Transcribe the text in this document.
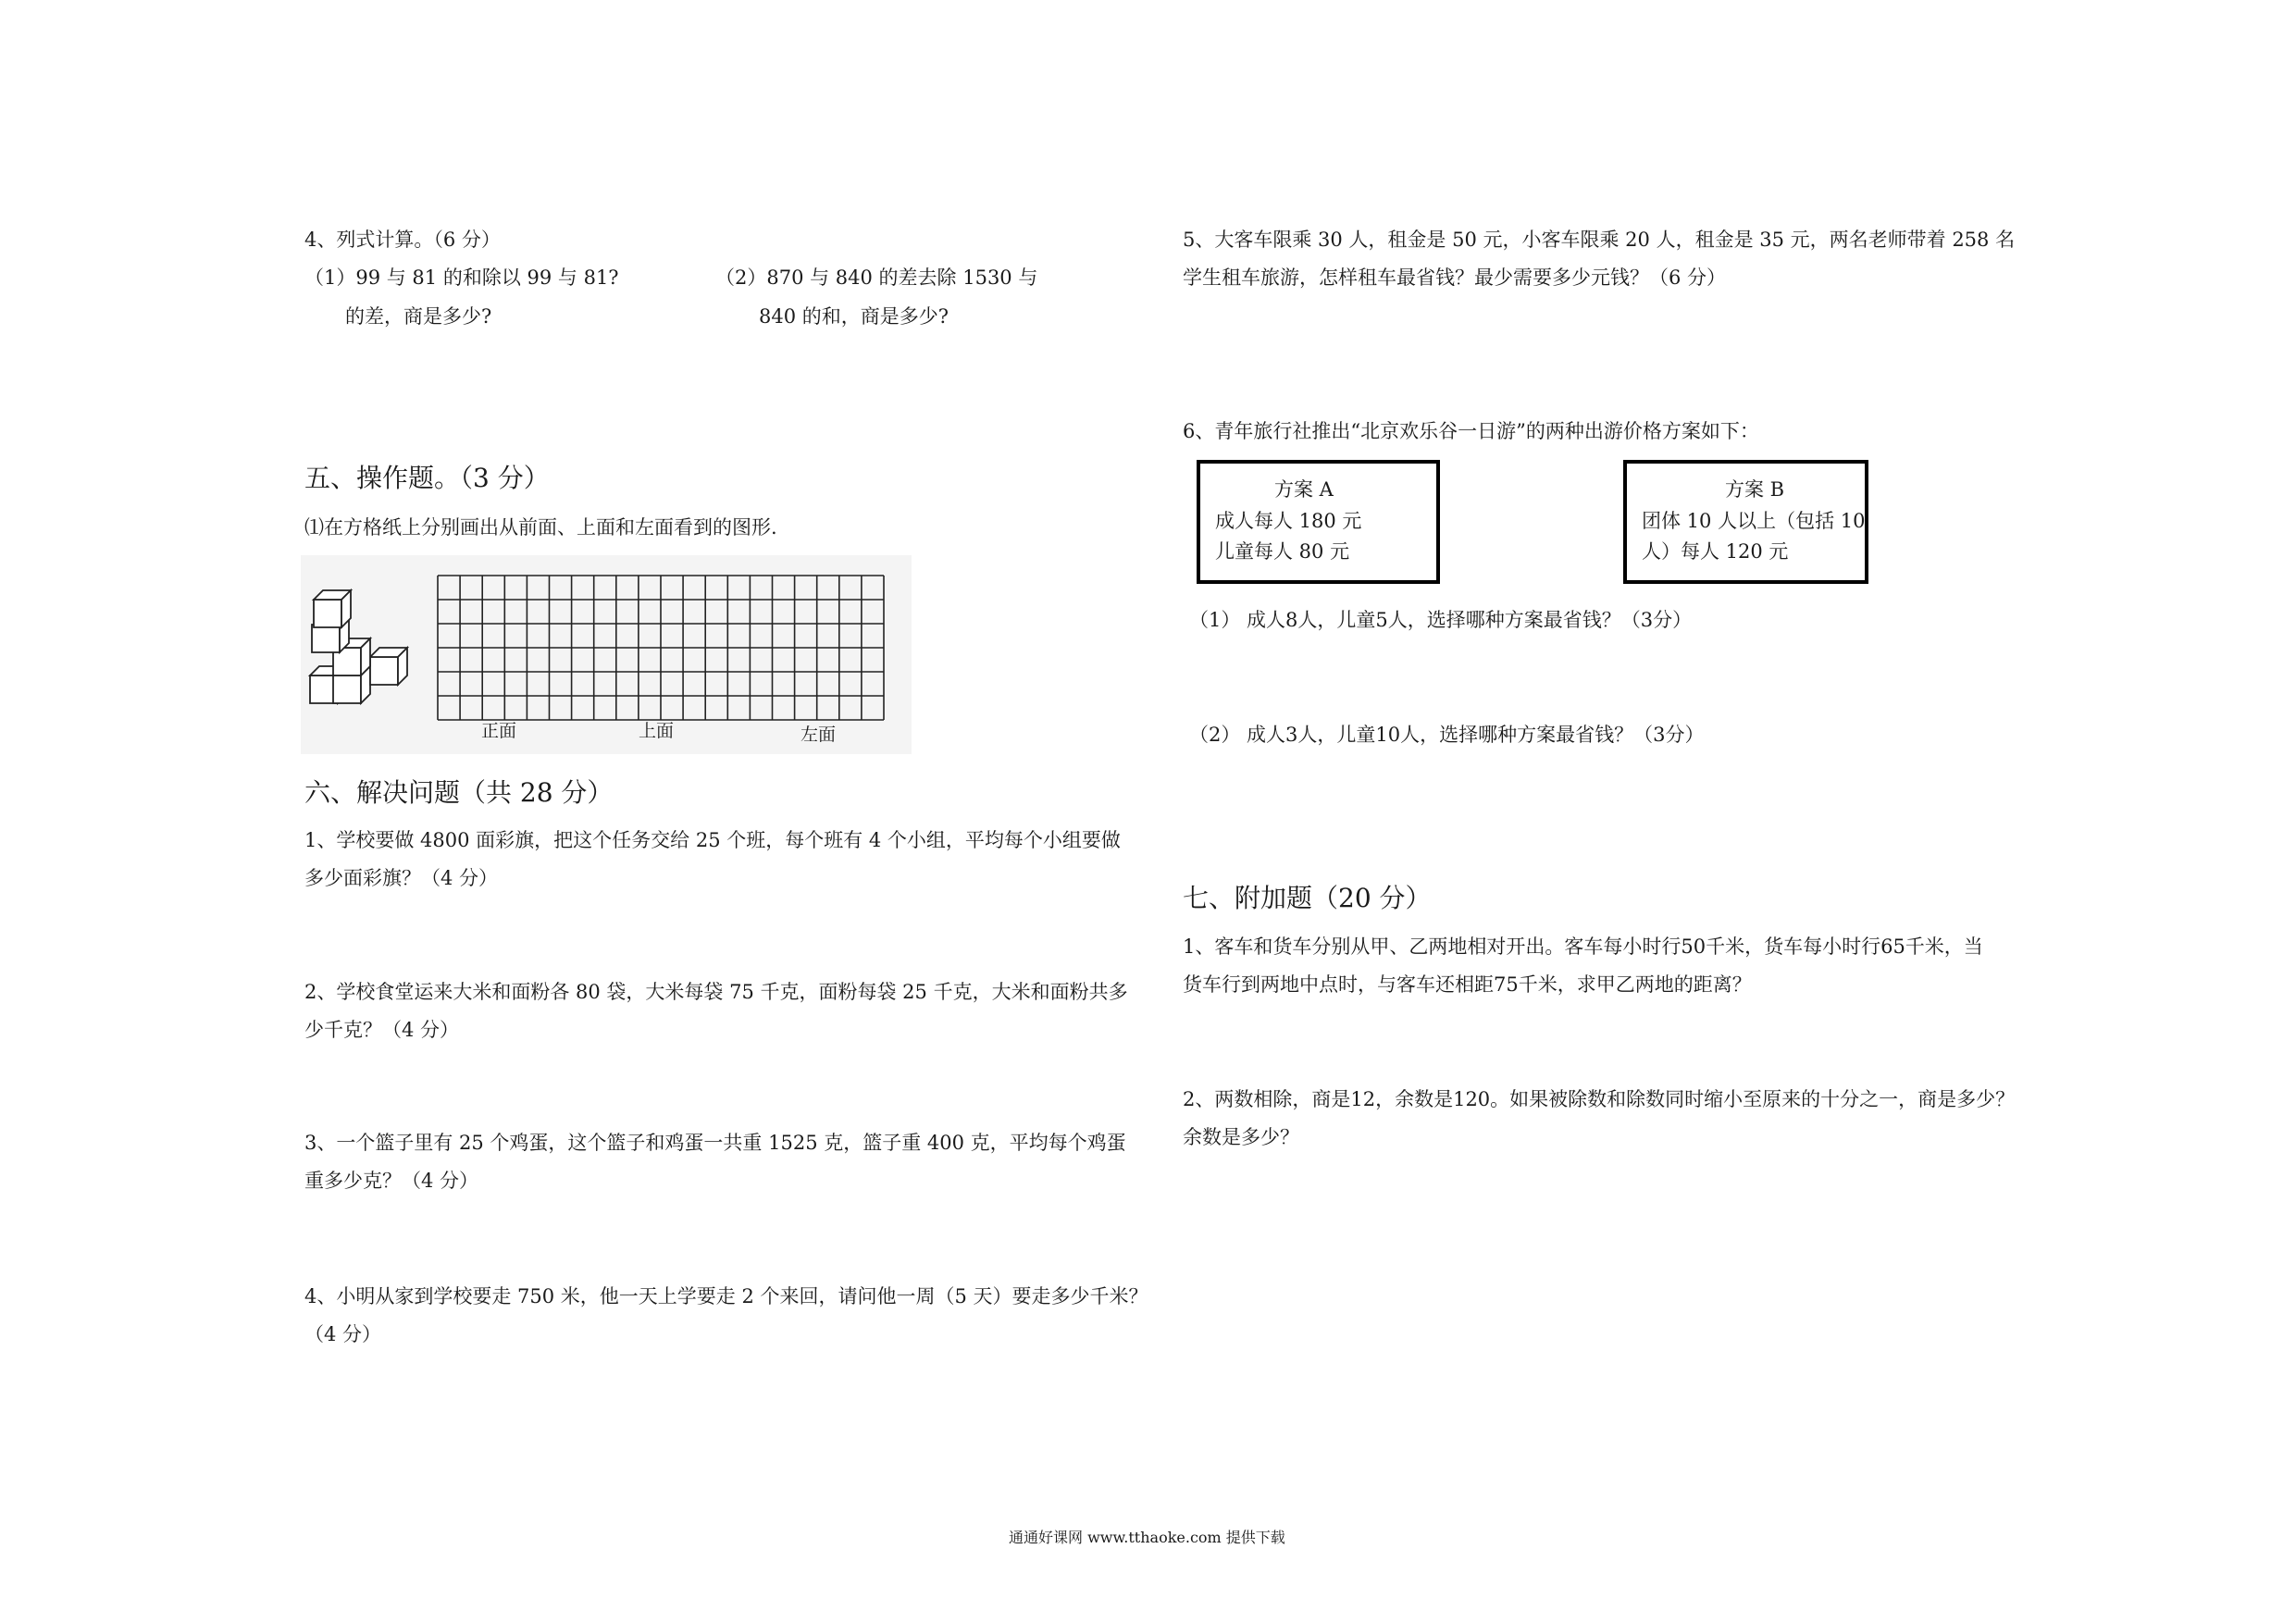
4、列式计算。（6 分）
（1）99 与 81 的和除以 99 与 81?
的差，商是多少?
（2）870 与 840 的差去除 1530 与
840 的和，商是多少?
五、操作题。（3 分）
⑴在方格纸上分别画出从前面、上面和左面看到的图形.
正面	上面	左面
六、解决问题（共 28 分）
1、学校要做 4800 面彩旗，把这个任务交给 25 个班，每个班有 4 个小组，平均每个小组要做
多少面彩旗？（4 分）
2、学校食堂运来大米和面粉各 80 袋，大米每袋 75 千克，面粉每袋 25 千克，大米和面粉共多
少千克？（4 分）
3、一个篮子里有 25 个鸡蛋，这个篮子和鸡蛋一共重 1525 克，篮子重 400 克，平均每个鸡蛋
重多少克？（4 分）
4、小明从家到学校要走 750 米，他一天上学要走 2 个来回，请问他一周（5 天）要走多少千米？
（4 分）
5、大客车限乘 30 人，租金是 50 元，小客车限乘 20 人，租金是 35 元，两名老师带着 258 名
学生租车旅游，怎样租车最省钱？最少需要多少元钱？（6 分）
6、青年旅行社推出“北京欢乐谷一日游”的两种出游价格方案如下：
方案 A
成人每人 180 元
儿童每人 80 元
方案 B
团体 10 人以上（包括 10
人）每人 120 元
（1） 成人8人，儿童5人，选择哪种方案最省钱？（3分）
（2） 成人3人，儿童10人，选择哪种方案最省钱？（3分）
七、附加题（20 分）
1、客车和货车分别从甲、乙两地相对开出。客车每小时行50千米，货车每小时行65千米，当
货车行到两地中点时，与客车还相距75千米，求甲乙两地的距离？
2、两数相除，商是12，余数是120。如果被除数和除数同时缩小至原来的十分之一，商是多少？
余数是多少？
通通好课网 www.tthaoke.com 提供下载
